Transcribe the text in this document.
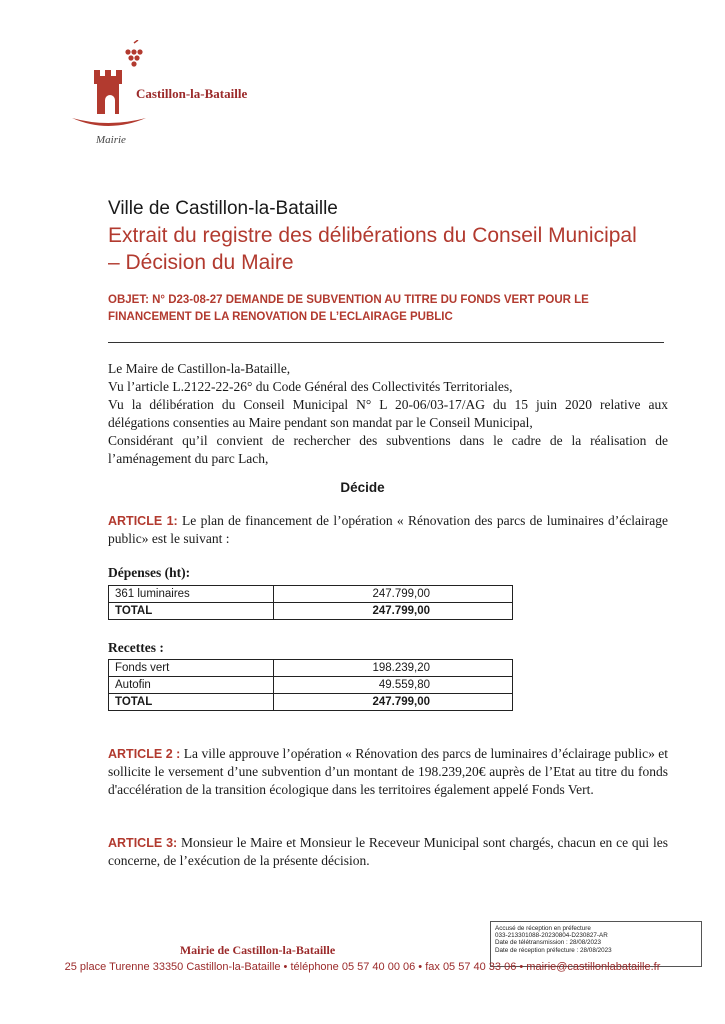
Castillon-la-Bataille
Mairie
Ville de Castillon-la-Bataille
Extrait du registre des délibérations du Conseil Municipal – Décision du Maire
OBJET: N° D23-08-27 DEMANDE DE SUBVENTION AU TITRE DU FONDS VERT POUR LE FINANCEMENT DE LA RENOVATION DE L’ECLAIRAGE PUBLIC
Le Maire de Castillon-la-Bataille,
Vu l’article L.2122-22-26° du Code Général des Collectivités Territoriales,
Vu la délibération du Conseil Municipal N° L 20-06/03-17/AG du 15 juin 2020 relative aux délégations consenties au Maire pendant son mandat par le Conseil Municipal,
Considérant qu’il convient de rechercher des subventions dans le cadre de la réalisation de l’aménagement du parc Lach,
Décide
ARTICLE 1: Le plan de financement de l’opération « Rénovation des parcs de luminaires d’éclairage public» est le suivant :
Dépenses (ht):
361 luminaires	247.799,00
TOTAL	247.799,00
Recettes :
Fonds vert	198.239,20
Autofin	49.559,80
TOTAL	247.799,00
ARTICLE 2 : La ville approuve l’opération « Rénovation des parcs de luminaires d’éclairage public» et sollicite le versement d’une subvention d’un montant de 198.239,20€ auprès de l’Etat au titre du fonds d'accélération de la transition écologique dans les territoires également appelé Fonds Vert.
ARTICLE 3: Monsieur le Maire et Monsieur le Receveur Municipal sont chargés, chacun en ce qui les concerne, de l’exécution de la présente décision.
Accusé de réception en préfecture
033-213301088-20230804-D230827-AR
Date de télétransmission : 28/08/2023
Date de réception préfecture : 28/08/2023
Mairie de Castillon-la-Bataille
25 place Turenne 33350 Castillon-la-Bataille • téléphone 05 57 40 00 06 • fax 05 57 40 33 06 • mairie@castillonlabataille.fr
